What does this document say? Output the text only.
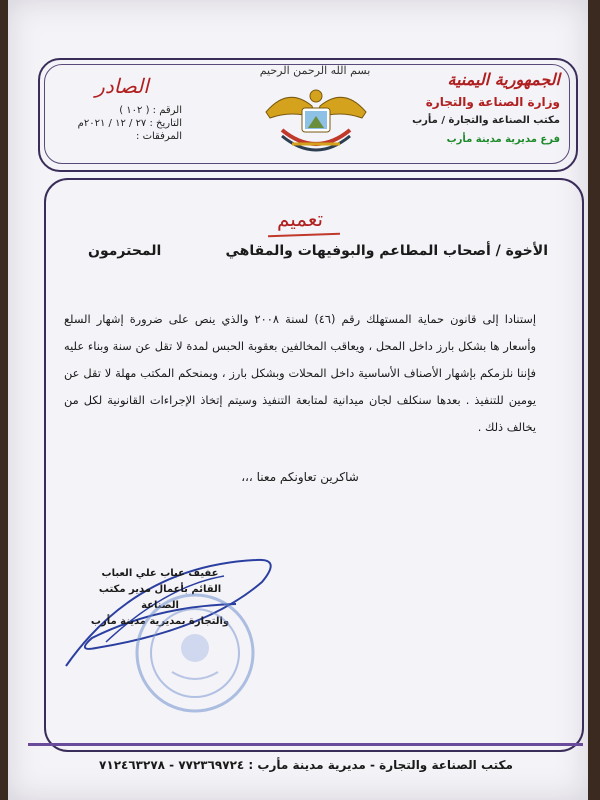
الجمهورية اليمنية
وزارة الصناعة والتجارة
مكتب الصناعة والتجارة / مأرب
فرع مديرية مدينة مأرب
بسم الله الرحمن الرحيم
الصادر
الرقم : ( ١٠٢ )
التاريخ : ٢٧ / ١٢ / ٢٠٢١م
المرفقات :
تعميم
الأخوة / أصحاب المطاعم والبوفيهات والمقاهي
المحترمون

إستنادا إلى قانون حماية المستهلك رقم (٤٦) لسنة ٢٠٠٨ والذي ينص على ضرورة إشهار السلع وأسعار ها بشكل بارز داخل المحل ، ويعاقب المخالفين بعقوبة الحبس لمدة لا تقل عن سنة وبناء عليه فإننا نلزمكم بإشهار الأصناف الأساسية داخل المحلات وبشكل بارز ، ويمنحكم المكتب مهلة لا تقل عن يومين للتنفيذ . بعدها سنكلف لجان ميدانية لمتابعة التنفيذ وسيتم إتخاذ الإجراءات القانونية لكل من يخالف ذلك .

شاكرين تعاونكم معنا ،،،
عفيف عباب علي العباب
القائم بأعمال مدير مكتب الصناعة
والتجارة بمديرية مدينة مأرب
مكتب الصناعة والتجارة - مديرية مدينة مأرب : ٧٧٢٣٦٩٧٢٤ - ٧١٢٤٦٣٢٧٨
